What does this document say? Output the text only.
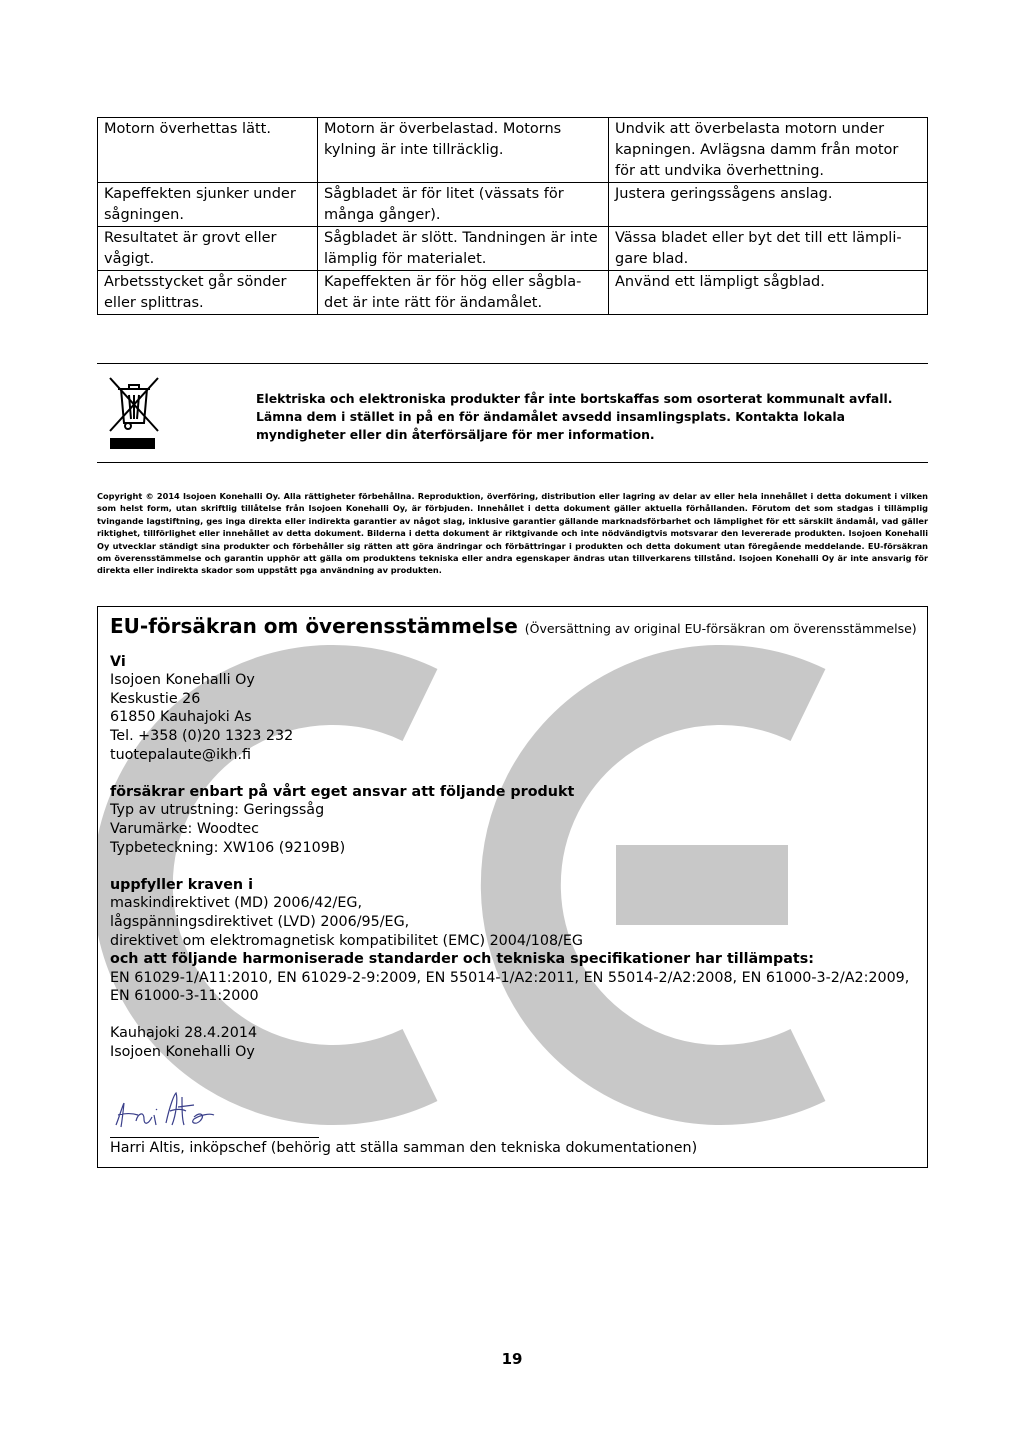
Motorn överhettas lätt.	Motorn är överbelastad. Motorns kylning är inte tillräcklig.	Undvik att överbelasta motorn under kapningen. Avlägsna damm från motor för att undvika överhettning.
Kapeffekten sjunker under sågningen.	Sågbladet är för litet (vässats för många gånger).	Justera geringssågens anslag.
Resultatet är grovt eller vågigt.	Sågbladet är slött. Tandningen är inte lämplig för materialet.	Vässa bladet eller byt det till ett lämpli-gare blad.
Arbetsstycket går sönder eller splittras.	Kapeffekten är för hög eller sågbla-det är inte rätt för ändamålet.	Använd ett lämpligt sågblad.
Elektriska och elektroniska produkter får inte bortskaffas som osorterat kommunalt avfall. Lämna dem i stället in på en för ändamålet avsedd insamlingsplats. Kontakta lokala myndigheter eller din återförsäljare för mer information.
Copyright © 2014 Isojoen Konehalli Oy. Alla rättigheter förbehållna. Reproduktion, överföring, distribution eller lagring av delar av eller hela innehållet i detta dokument i vilken som helst form, utan skriftlig tillåtelse från Isojoen Konehalli Oy, är förbjuden. Innehållet i detta dokument gäller aktuella förhållanden. Förutom det som stadgas i tillämplig tvingande lagstiftning, ges inga direkta eller indirekta garantier av något slag, inklusive garantier gällande marknadsförbarhet och lämplighet för ett särskilt ändamål, vad gäller riktighet, tillförlighet eller innehållet av detta dokument. Bilderna i detta dokument är riktgivande och inte nödvändigtvis motsvarar den levererade produkten. Isojoen Konehalli Oy utvecklar ständigt sina produkter och förbehåller sig rätten att göra ändringar och förbättringar i produkten och detta dokument utan föregående meddelande. EU-försäkran om överensstämmelse och garantin upphör att gälla om produktens tekniska eller andra egenskaper ändras utan tillverkarens tillstånd. Isojoen Konehalli Oy är inte ansvarig för direkta eller indirekta skador som uppstått pga användning av produkten.
EU-försäkran om överensstämmelse (Översättning av original EU-försäkran om överensstämmelse)
Vi
Isojoen Konehalli Oy
Keskustie 26
61850 Kauhajoki As
Tel. +358 (0)20 1323 232
tuotepalaute@ikh.fi
försäkrar enbart på vårt eget ansvar att följande produkt
Typ av utrustning: Geringssåg
Varumärke: Woodtec
Typbeteckning: XW106 (92109B)
uppfyller kraven i
maskindirektivet (MD) 2006/42/EG,
lågspänningsdirektivet (LVD) 2006/95/EG,
direktivet om elektromagnetisk kompatibilitet (EMC) 2004/108/EG
och att följande harmoniserade standarder och tekniska specifikationer har tillämpats:
EN 61029-1/A11:2010, EN 61029-2-9:2009, EN 55014-1/A2:2011, EN 55014-2/A2:2008, EN 61000-3-2/A2:2009, EN 61000-3-11:2000
Kauhajoki 28.4.2014
Isojoen Konehalli Oy
Harri Altis, inköpschef (behörig att ställa samman den tekniska dokumentationen)
19
